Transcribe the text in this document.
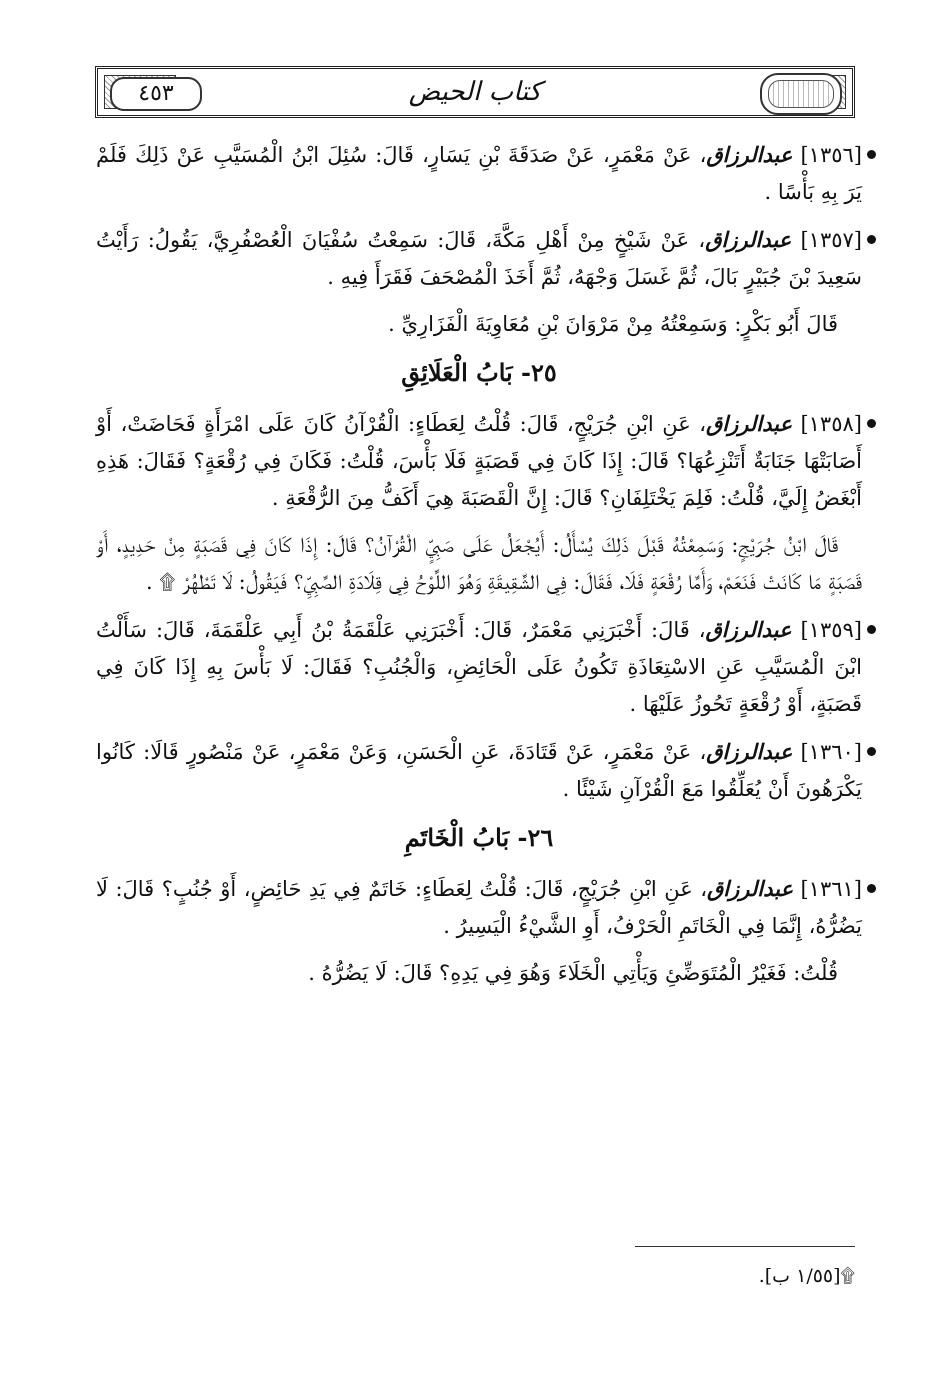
٤٥٣	كتاب الحيض

[١٣٥٦] عبدالرزاق، عَنْ مَعْمَرٍ، عَنْ صَدَقَةَ بْنِ يَسَارٍ، قَالَ: سُئِلَ ابْنُ الْمُسَيَّبِ عَنْ ذَلِكَ فَلَمْ يَرَ بِهِ بَأْسًا .

[١٣٥٧] عبدالرزاق، عَنْ شَيْخٍ مِنْ أَهْلِ مَكَّةَ، قَالَ: سَمِعْتُ سُفْيَانَ الْعُصْفُرِيَّ، يَقُولُ: رَأَيْتُ سَعِيدَ بْنَ جُبَيْرٍ بَالَ، ثُمَّ غَسَلَ وَجْهَهُ، ثُمَّ أَخَذَ الْمُصْحَفَ فَقَرَأَ فِيهِ .

قَالَ أَبُو بَكْرٍ: وَسَمِعْتُهُ مِنْ مَرْوَانَ بْنِ مُعَاوِيَةَ الْفَزَارِيِّ .

٢٥- بَابُ الْعَلَائِقِ

[١٣٥٨] عبدالرزاق، عَنِ ابْنِ جُرَيْجٍ، قَالَ: قُلْتُ لِعَطَاءٍ: الْقُرْآنُ كَانَ عَلَى امْرَأَةٍ فَحَاضَتْ، أَوْ أَصَابَتْهَا جَنَابَةٌ أَتَنْزِعُهَا؟ قَالَ: إِذَا كَانَ فِي قَصَبَةٍ فَلَا بَأْسَ، قُلْتُ: فَكَانَ فِي رُقْعَةٍ؟ فَقَالَ: هَذِهِ أَبْغَضُ إِلَيَّ، قُلْتُ: فَلِمَ يَخْتَلِفَانِ؟ قَالَ: إِنَّ الْقَصَبَةَ هِيَ أَكَفُّ مِنَ الرُّقْعَةِ .

قَالَ ابْنُ جُرَيْجٍ: وَسَمِعْتُهُ قَبْلَ ذَلِكَ يُسْأَلُ: أَيُجْعَلُ عَلَى صَبِيٍّ الْقُرْآنُ؟ قَالَ: إِذَا كَانَ فِي قَصَبَةٍ مِنْ حَدِيدٍ، أَوْ قَصَبَةٍ مَا كَانَتْ فَنَعَمْ، وَأَمَّا رُقْعَةٍ فَلَا، فَقَالَ: فِي الشَّقِيقَةِ وَهُوَ اللَّوْحُ فِي قِلَادَةِ الصَّبِيِّ؟ فَيَقُولُ: لَا تَطْهُرْ ۩ .

[١٣٥٩] عبدالرزاق، قَالَ: أَخْبَرَنِي مَعْمَرٌ، قَالَ: أَخْبَرَنِي عَلْقَمَةُ بْنُ أَبِي عَلْقَمَةَ، قَالَ: سَأَلْتُ ابْنَ الْمُسَيَّبِ عَنِ الاسْتِعَاذَةِ تَكُونُ عَلَى الْحَائِضِ، وَالْجُنُبِ؟ فَقَالَ: لَا بَأْسَ بِهِ إِذَا كَانَ فِي قَصَبَةٍ، أَوْ رُقْعَةٍ تَحُوزُ عَلَيْهَا .

[١٣٦٠] عبدالرزاق، عَنْ مَعْمَرٍ، عَنْ قَتَادَةَ، عَنِ الْحَسَنِ، وَعَنْ مَعْمَرٍ، عَنْ مَنْصُورٍ قَالَا: كَانُوا يَكْرَهُونَ أَنْ يُعَلِّقُوا مَعَ الْقُرْآنِ شَيْئًا .

٢٦- بَابُ الْخَاتَمِ

[١٣٦١] عبدالرزاق، عَنِ ابْنِ جُرَيْجٍ، قَالَ: قُلْتُ لِعَطَاءٍ: خَاتَمٌ فِي يَدِ حَائِضٍ، أَوْ جُنُبٍ؟ قَالَ: لَا يَضُرُّهُ، إِنَّمَا فِي الْخَاتَمِ الْحَرْفُ، أَوِ الشَّيْءُ الْيَسِيرُ .

قُلْتُ: فَغَيْرُ الْمُتَوَضِّئِ وَيَأْتِي الْخَلَاءَ وَهُوَ فِي يَدِهِ؟ قَالَ: لَا يَضُرُّهُ .

۩[١/٥٥ ب].
